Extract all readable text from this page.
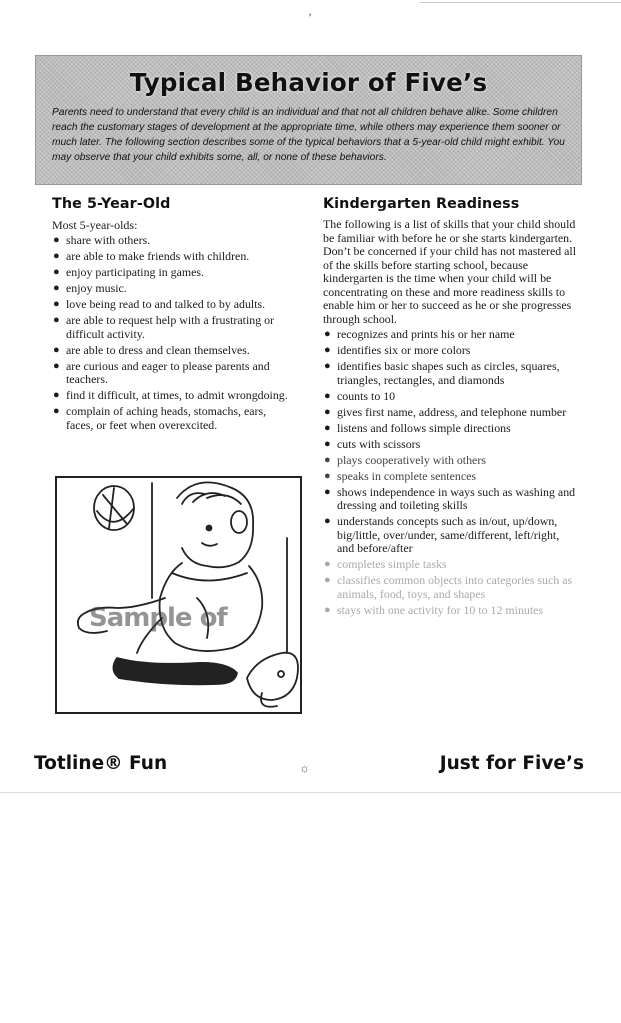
’
Typical Behavior of Five’s
Parents need to understand that every child is an individual and that not all children behave alike. Some children reach the customary stages of development at the appropriate time, while others may experience them sooner or much later. The following section describes some of the typical behaviors that a 5-year-old child might exhibit. You may observe that your child exhibits some, all, or none of these behaviors.
The 5-Year-Old

Most 5-year-olds:

● share with others.
● are able to make friends with children.
● enjoy participating in games.
● enjoy music.
● love being read to and talked to by adults.
● are able to request help with a frustrating or difficult activity.
● are able to dress and clean themselves.
● are curious and eager to please parents and teachers.
● find it difficult, at times, to admit wrongdoing.
● complain of aching heads, stomachs, ears, faces, or feet when overexcited.
Sample of
Kindergarten Readiness

The following is a list of skills that your child should be familiar with before he or she starts kindergarten. Don’t be concerned if your child has not mastered all of the skills before starting school, because kindergarten is the time when your child will be concentrating on these and more readiness skills to enable him or her to succeed as he or she progresses through school.

● recognizes and prints his or her name
● identifies six or more colors
● identifies basic shapes such as circles, squares, triangles, rectangles, and diamonds
● counts to 10
● gives first name, address, and telephone number
● listens and follows simple directions
● cuts with scissors
● plays cooperatively with others
● speaks in complete sentences
● shows independence in ways such as washing and dressing and toileting skills
● understands concepts such as in/out, up/down, big/little, over/under, same/different, left/right, and before/after
● completes simple tasks
● classifies common objects into categories such as animals, food, toys, and shapes
● stays with one activity for 10 to 12 minutes
Totline® Fun	☼	Just for Five’s
